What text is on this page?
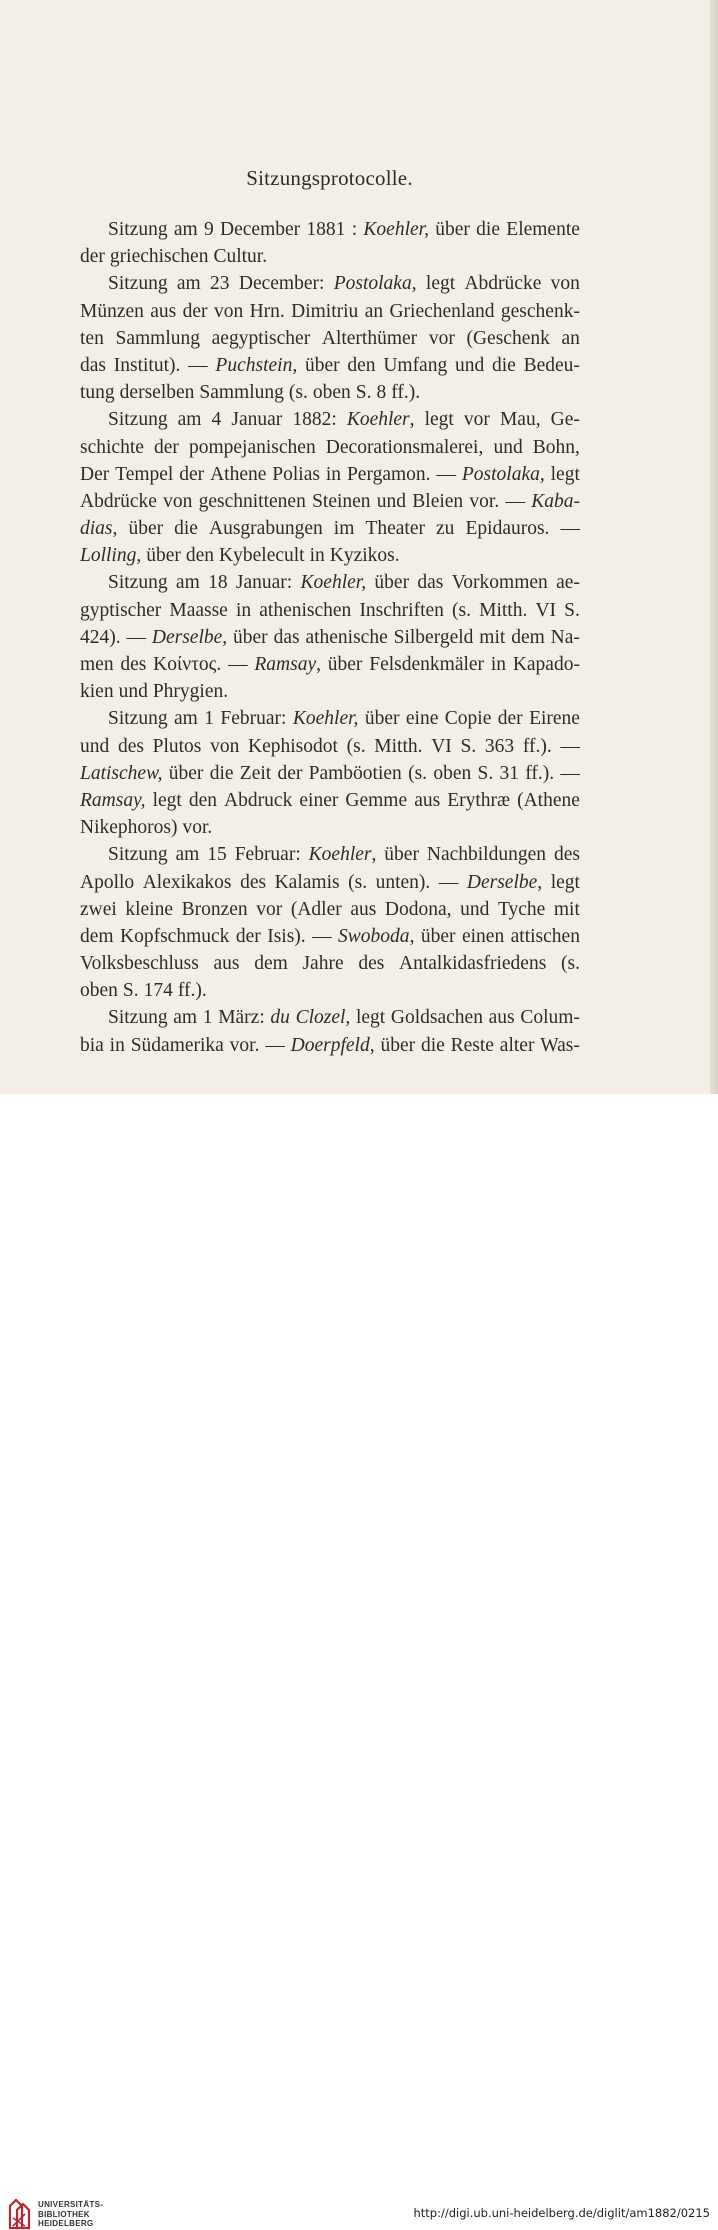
Sitzungsprotocolle.
Sitzung am 9 December 1881 : Koehler, über die Elemente
der griechischen Cultur.
Sitzung am 23 December: Postolaka, legt Abdrücke von
Münzen aus der von Hrn. Dimitriu an Griechenland geschenk-
ten Sammlung aegyptischer Alterthümer vor (Geschenk an
das Institut). — Puchstein, über den Umfang und die Bedeu-
tung derselben Sammlung (s. oben S. 8 ff.).
Sitzung am 4 Januar 1882: Koehler, legt vor Mau, Ge-
schichte der pompejanischen Decorationsmalerei, und Bohn,
Der Tempel der Athene Polias in Pergamon. — Postolaka, legt
Abdrücke von geschnittenen Steinen und Bleien vor. — Kaba-
dias, über die Ausgrabungen im Theater zu Epidauros. —
Lolling, über den Kybelecult in Kyzikos.
Sitzung am 18 Januar: Koehler, über das Vorkommen ae-
gyptischer Maasse in athenischen Inschriften (s. Mitth. VI S.
424). — Derselbe, über das athenische Silbergeld mit dem Na-
men des Κοίντος. — Ramsay, über Felsdenkmäler in Kapado-
kien und Phrygien.
Sitzung am 1 Februar: Koehler, über eine Copie der Eirene
und des Plutos von Kephisodot (s. Mitth. VI S. 363 ff.). —
Latischew, über die Zeit der Pamböotien (s. oben S. 31 ff.). —
Ramsay, legt den Abdruck einer Gemme aus Erythræ (Athene
Nikephoros) vor.
Sitzung am 15 Februar: Koehler, über Nachbildungen des
Apollo Alexikakos des Kalamis (s. unten). — Derselbe, legt
zwei kleine Bronzen vor (Adler aus Dodona, und Tyche mit
dem Kopfschmuck der Isis). — Swoboda, über einen attischen
Volksbeschluss aus dem Jahre des Antalkidasfriedens (s.
oben S. 174 ff.).
Sitzung am 1 März: du Clozel, legt Goldsachen aus Colum-
bia in Südamerika vor. — Doerpfeld, über die Reste alter Was-
UNIVERSITÄTS-
BIBLIOTHEK
HEIDELBERG
http://digi.ub.uni-heidelberg.de/diglit/am1882/0215
